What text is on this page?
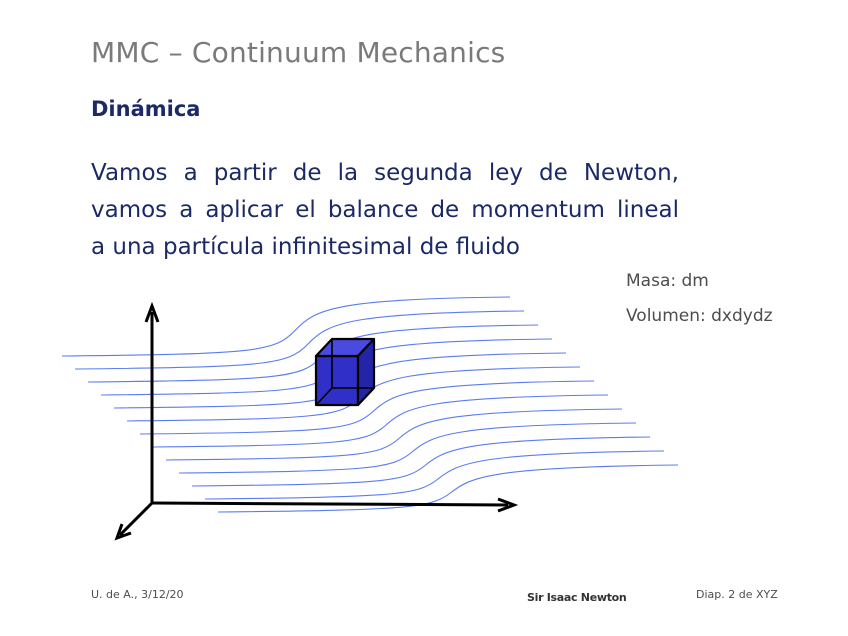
MMC – Continuum Mechanics
Dinámica
Vamos a partir de la segunda ley de Newton,
vamos a aplicar el balance de momentum lineal
a una partícula infinitesimal de fluido
Masa: dm
Volumen: dxdydz
U. de A., 3/12/20	Sir Isaac Newton	Diap. 2 de XYZ
